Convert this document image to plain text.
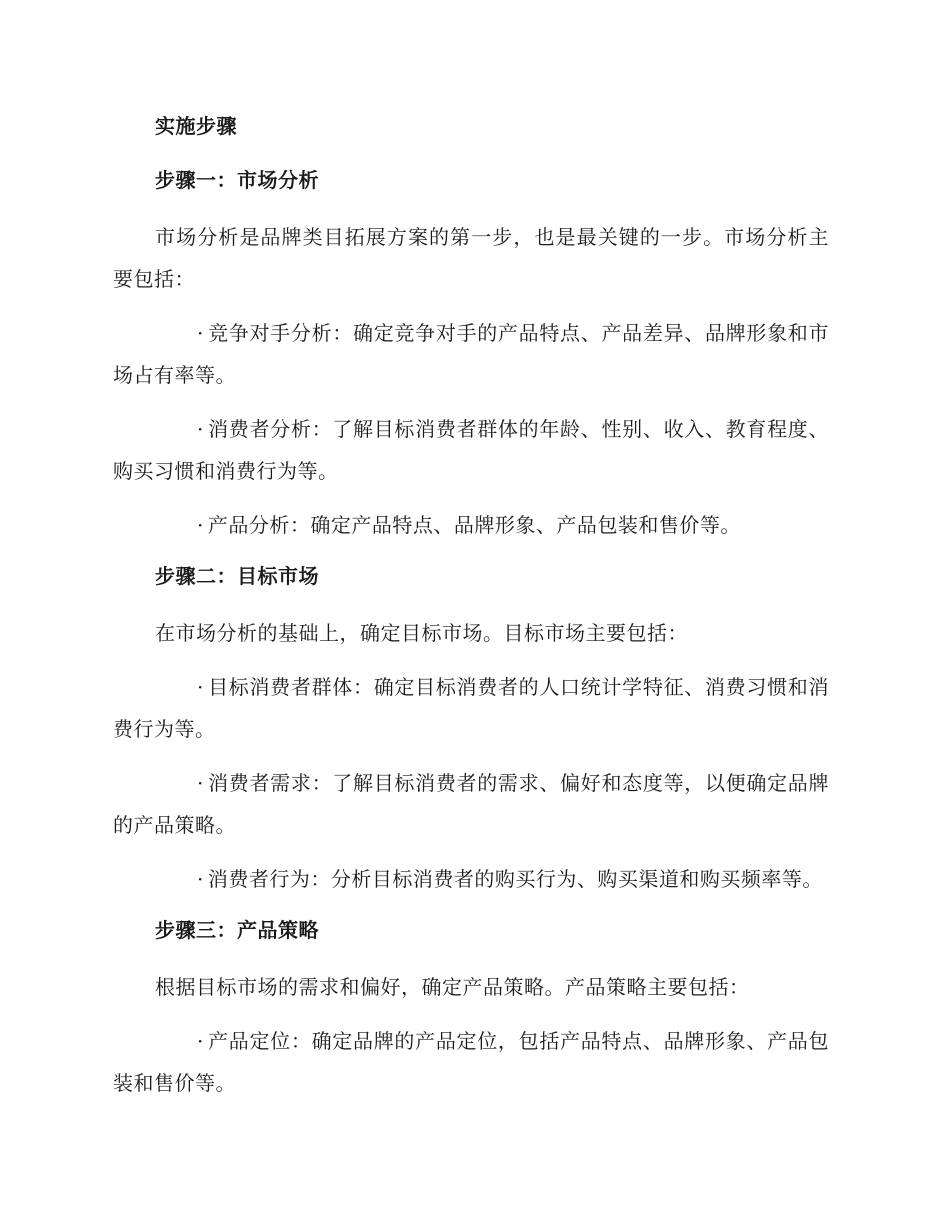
实施步骤
步骤一：市场分析

市场分析是品牌类目拓展方案的第一步，也是最关键的一步。市场分析主要包括：

· 竞争对手分析：确定竞争对手的产品特点、产品差异、品牌形象和市场占有率等。

· 消费者分析：了解目标消费者群体的年龄、性别、收入、教育程度、购买习惯和消费行为等。

· 产品分析：确定产品特点、品牌形象、产品包装和售价等。

步骤二：目标市场

在市场分析的基础上，确定目标市场。目标市场主要包括：

· 目标消费者群体：确定目标消费者的人口统计学特征、消费习惯和消费行为等。

· 消费者需求：了解目标消费者的需求、偏好和态度等，以便确定品牌的产品策略。

· 消费者行为：分析目标消费者的购买行为、购买渠道和购买频率等。

步骤三：产品策略

根据目标市场的需求和偏好，确定产品策略。产品策略主要包括：

· 产品定位：确定品牌的产品定位，包括产品特点、品牌形象、产品包装和售价等。
